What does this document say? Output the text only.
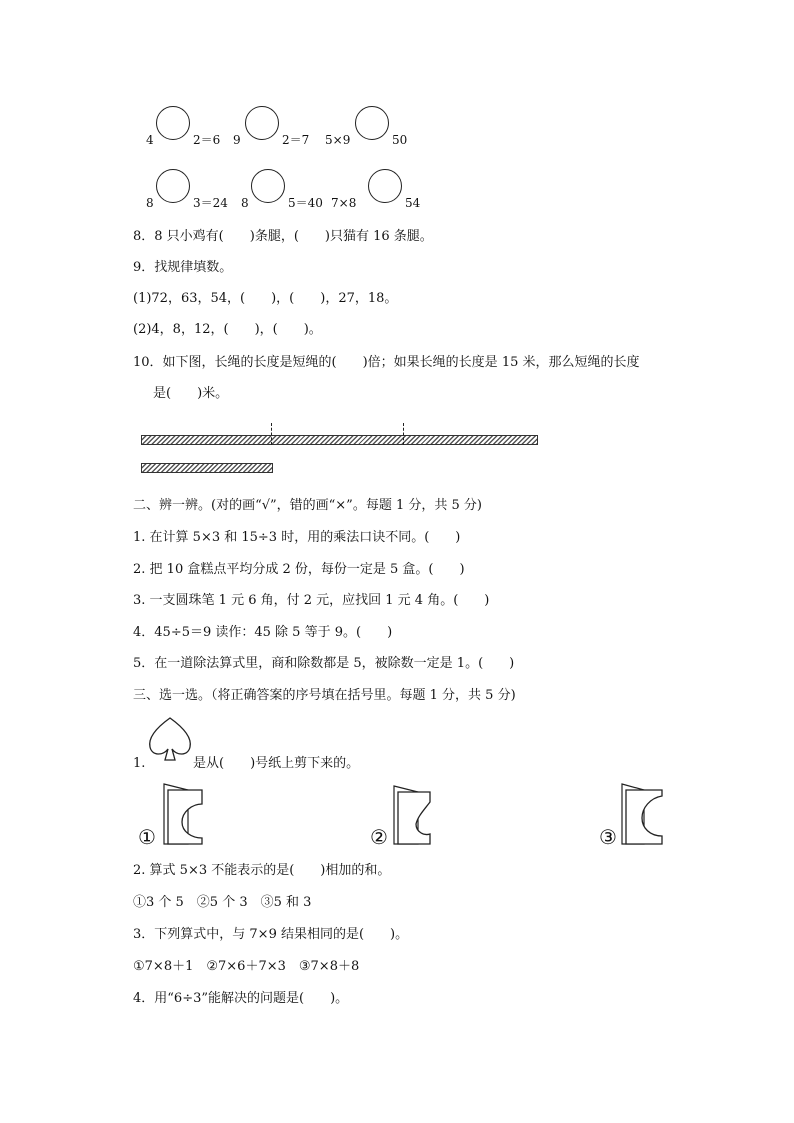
4	2＝6 9	2＝7 5×9	50
8	3＝24 8	5＝40 7×8	54
8．8 只小鸡有(　　)条腿，(　　)只猫有 16 条腿。
9．找规律填数。
(1)72，63，54，(　　)，(　　)，27，18。
(2)4，8，12，(　　)，(　　)。
10．如下图，长绳的长度是短绳的(　　)倍；如果长绳的长度是 15 米，那么短绳的长度
是(　　)米。
二、辨一辨。(对的画“√”，错的画“×”。每题 1 分，共 5 分)
1. 在计算 5×3 和 15÷3 时，用的乘法口诀不同。(　　)
2. 把 10 盒糕点平均分成 2 份，每份一定是 5 盒。(　　)
3. 一支圆珠笔 1 元 6 角，付 2 元，应找回 1 元 4 角。(　　)
4．45÷5＝9 读作：45 除 5 等于 9。(　　)
5．在一道除法算式里，商和除数都是 5，被除数一定是 1。(　　)
三、选一选。（将正确答案的序号填在括号里。每题 1 分，共 5 分)
1.	是从(　　)号纸上剪下来的。
①	②	③
2. 算式 5×3 不能表示的是(　　)相加的和。
①3 个 5　②5 个 3　③5 和 3
3．下列算式中，与 7×9 结果相同的是(　　)。
①7×8＋1　②7×6＋7×3　③7×8＋8
4．用“6÷3”能解决的问题是(　　)。
